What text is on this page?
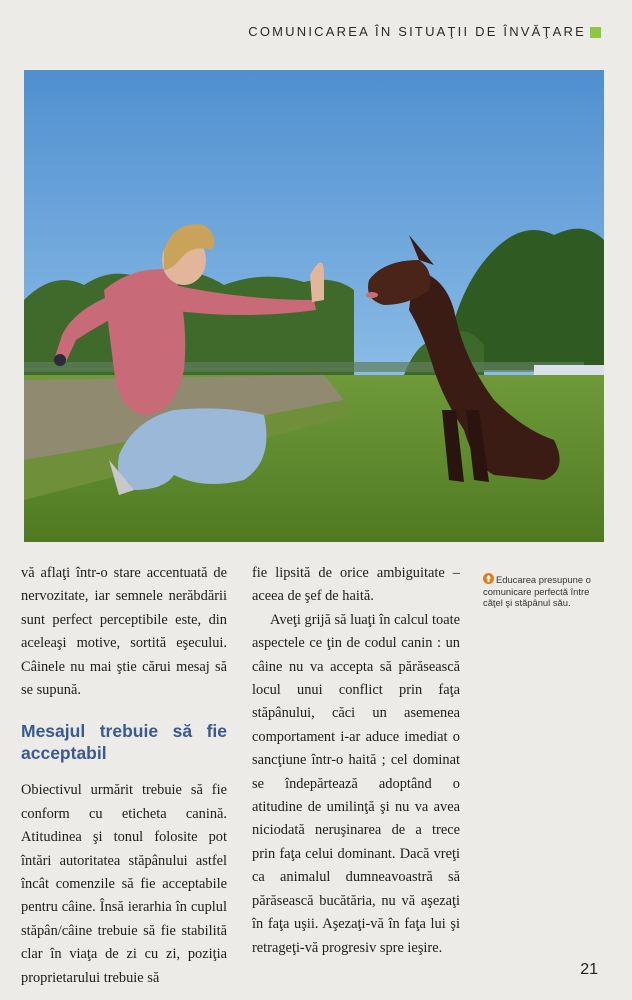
COMUNICAREA ÎN SITUAŢII DE ÎNVĂŢARE

vă aflaţi într-o stare accentuată de nervozitate, iar semnele nerăbdării sunt perfect perceptibile este, din aceleaşi motive, sortită eşecului. Câinele nu mai ştie cărui mesaj să se supună.

Mesajul trebuie să fie acceptabil

Obiectivul urmărit trebuie să fie conform cu eticheta canină. Atitudinea şi tonul folosite pot întări autoritatea stăpânului astfel încât comenzile să fie acceptabile pentru câine. Însă ierarhia în cuplul stăpân/câine trebuie să fie stabilită clar în viaţa de zi cu zi, poziţia proprietarului trebuie să

fie lipsită de orice ambiguitate – aceea de şef de haită.

Aveţi grijă să luaţi în calcul toate aspectele ce ţin de codul canin : un câine nu va accepta să părăsească locul unui conflict prin faţa stăpânului, căci un asemenea comportament i-ar aduce imediat o sancţiune într-o haită ; cel dominat se îndepărtează adoptând o atitudine de umilinţă şi nu va avea niciodată neruşinarea de a trece prin faţa celui dominant. Dacă vreţi ca animalul dumneavoastră să părăsească bucătăria, nu vă aşezaţi în faţa uşii. Aşezaţi-vă în faţa lui şi retrageţi-vă progresiv spre ieşire.

Educarea presupune o comunicare perfectă între căţel şi stăpânul său.
21
